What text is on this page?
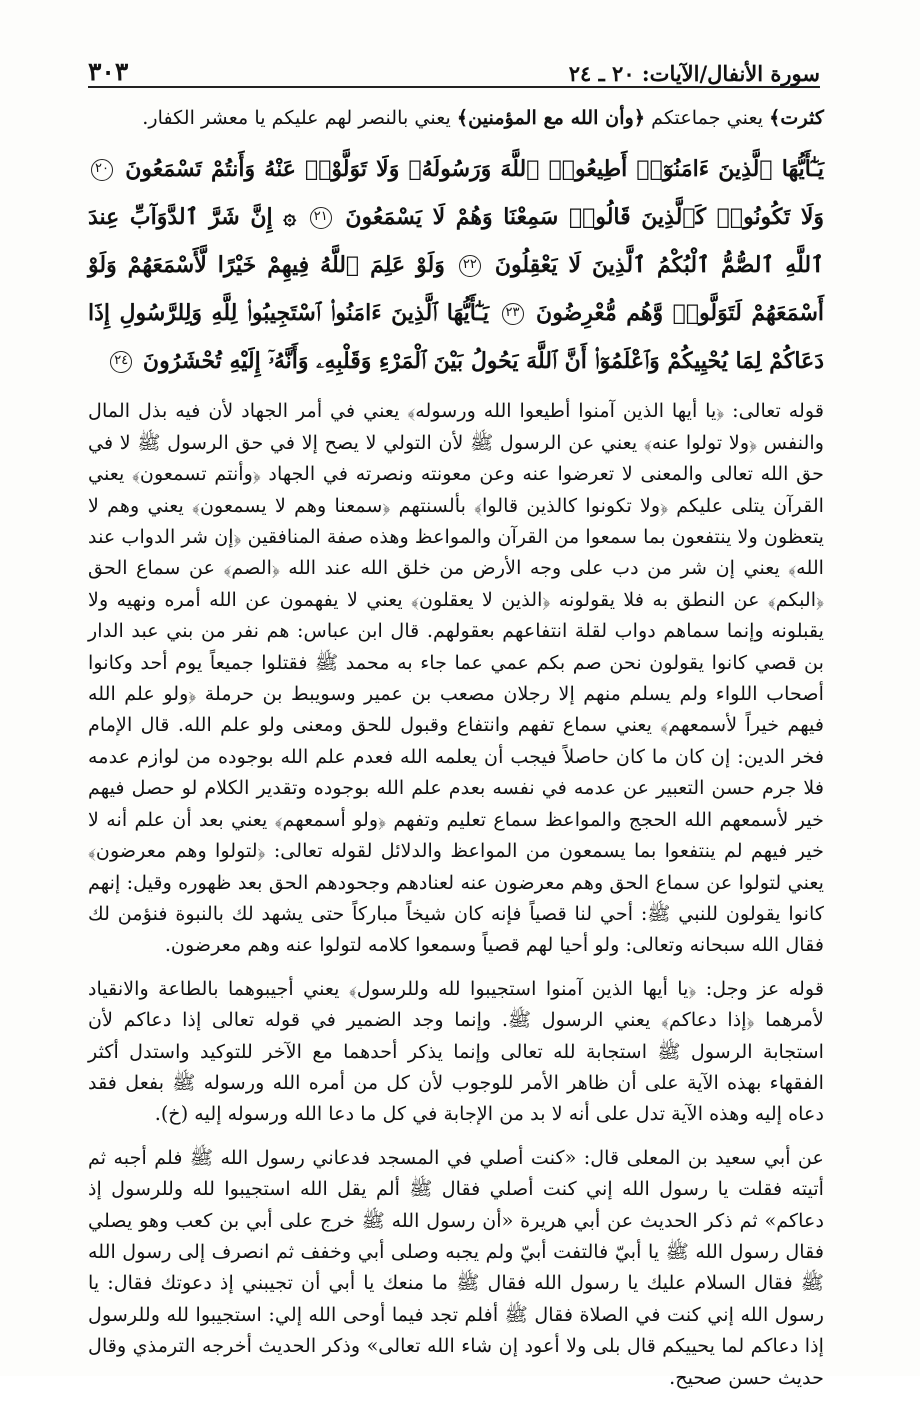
سورة الأنفال/الآيات: ٢٠ ـ ٢٤
٣٠٣

كثرت﴾ يعني جماعتكم ﴿وأن الله مع المؤمنين﴾ يعني بالنصر لهم عليكم يا معشر الكفار.

يَـٰٓأَيُّهَا ٱلَّذِينَ ءَامَنُوٓا۟ أَطِيعُوا۟ ٱللَّهَ وَرَسُولَهُۥ وَلَا تَوَلَّوْا۟ عَنْهُ وَأَنتُمْ تَسْمَعُونَ ٢٠ وَلَا تَكُونُوا۟ كَٱلَّذِينَ قَالُوا۟ سَمِعْنَا وَهُمْ لَا يَسْمَعُونَ ٢١ ۞ إِنَّ شَرَّ ٱلدَّوَآبِّ عِندَ ٱللَّهِ ٱلصُّمُّ ٱلْبُكْمُ ٱلَّذِينَ لَا يَعْقِلُونَ ٢٢ وَلَوْ عَلِمَ ٱللَّهُ فِيهِمْ خَيْرًا لَّأَسْمَعَهُمْ وَلَوْ أَسْمَعَهُمْ لَتَوَلَّوا۟ وَّهُم مُّعْرِضُونَ ٢٣ يَـٰٓأَيُّهَا ٱلَّذِينَ ءَامَنُوا۟ ٱسْتَجِيبُوا۟ لِلَّهِ وَلِلرَّسُولِ إِذَا دَعَاكُمْ لِمَا يُحْيِيكُمْ وَٱعْلَمُوٓا۟ أَنَّ ٱللَّهَ يَحُولُ بَيْنَ ٱلْمَرْءِ وَقَلْبِهِۦ وَأَنَّهُۥٓ إِلَيْهِ تُحْشَرُونَ ٢٤

قوله تعالى: ﴿يا أيها الذين آمنوا أطيعوا الله ورسوله﴾ يعني في أمر الجهاد لأن فيه بذل المال والنفس ﴿ولا تولوا عنه﴾ يعني عن الرسول ﷺ لأن التولي لا يصح إلا في حق الرسول ﷺ لا في حق الله تعالى والمعنى لا تعرضوا عنه وعن معونته ونصرته في الجهاد ﴿وأنتم تسمعون﴾ يعني القرآن يتلى عليكم ﴿ولا تكونوا كالذين قالوا﴾ بألسنتهم ﴿سمعنا وهم لا يسمعون﴾ يعني وهم لا يتعظون ولا ينتفعون بما سمعوا من القرآن والمواعظ وهذه صفة المنافقين ﴿إن شر الدواب عند الله﴾ يعني إن شر من دب على وجه الأرض من خلق الله عند الله ﴿الصم﴾ عن سماع الحق ﴿البكم﴾ عن النطق به فلا يقولونه ﴿الذين لا يعقلون﴾ يعني لا يفهمون عن الله أمره ونهيه ولا يقبلونه وإنما سماهم دواب لقلة انتفاعهم بعقولهم. قال ابن عباس: هم نفر من بني عبد الدار بن قصي كانوا يقولون نحن صم بكم عمي عما جاء به محمد ﷺ فقتلوا جميعاً يوم أحد وكانوا أصحاب اللواء ولم يسلم منهم إلا رجلان مصعب بن عمير وسويبط بن حرملة ﴿ولو علم الله فيهم خيراً لأسمعهم﴾ يعني سماع تفهم وانتفاع وقبول للحق ومعنى ولو علم الله. قال الإمام فخر الدين: إن كان ما كان حاصلاً فيجب أن يعلمه الله فعدم علم الله بوجوده من لوازم عدمه فلا جرم حسن التعبير عن عدمه في نفسه بعدم علم الله بوجوده وتقدير الكلام لو حصل فيهم خير لأسمعهم الله الحجج والمواعظ سماع تعليم وتفهم ﴿ولو أسمعهم﴾ يعني بعد أن علم أنه لا خير فيهم لم ينتفعوا بما يسمعون من المواعظ والدلائل لقوله تعالى: ﴿لتولوا وهم معرضون﴾ يعني لتولوا عن سماع الحق وهم معرضون عنه لعنادهم وجحودهم الحق بعد ظهوره وقيل: إنهم كانوا يقولون للنبي ﷺ: أحي لنا قصياً فإنه كان شيخاً مباركاً حتى يشهد لك بالنبوة فنؤمن لك فقال الله سبحانه وتعالى: ولو أحيا لهم قصياً وسمعوا كلامه لتولوا عنه وهم معرضون.

قوله عز وجل: ﴿يا أيها الذين آمنوا استجيبوا لله وللرسول﴾ يعني أجيبوهما بالطاعة والانقياد لأمرهما ﴿إذا دعاكم﴾ يعني الرسول ﷺ. وإنما وجد الضمير في قوله تعالى إذا دعاكم لأن استجابة الرسول ﷺ استجابة لله تعالى وإنما يذكر أحدهما مع الآخر للتوكيد واستدل أكثر الفقهاء بهذه الآية على أن ظاهر الأمر للوجوب لأن كل من أمره الله ورسوله ﷺ بفعل فقد دعاه إليه وهذه الآية تدل على أنه لا بد من الإجابة في كل ما دعا الله ورسوله إليه (خ).

عن أبي سعيد بن المعلى قال: «كنت أصلي في المسجد فدعاني رسول الله ﷺ فلم أجبه ثم أتيته فقلت يا رسول الله إني كنت أصلي فقال ﷺ ألم يقل الله استجيبوا لله وللرسول إذ دعاكم» ثم ذكر الحديث عن أبي هريرة «أن رسول الله ﷺ خرج على أبي بن كعب وهو يصلي فقال رسول الله ﷺ يا أبيّ فالتفت أبيّ ولم يجبه وصلى أبي وخفف ثم انصرف إلى رسول الله ﷺ فقال السلام عليك يا رسول الله فقال ﷺ ما منعك يا أبي أن تجيبني إذ دعوتك فقال: يا رسول الله إني كنت في الصلاة فقال ﷺ أفلم تجد فيما أوحى الله إلي: استجيبوا لله وللرسول إذا دعاكم لما يحييكم قال بلى ولا أعود إن شاء الله تعالى» وذكر الحديث أخرجه الترمذي وقال حديث حسن صحيح.
